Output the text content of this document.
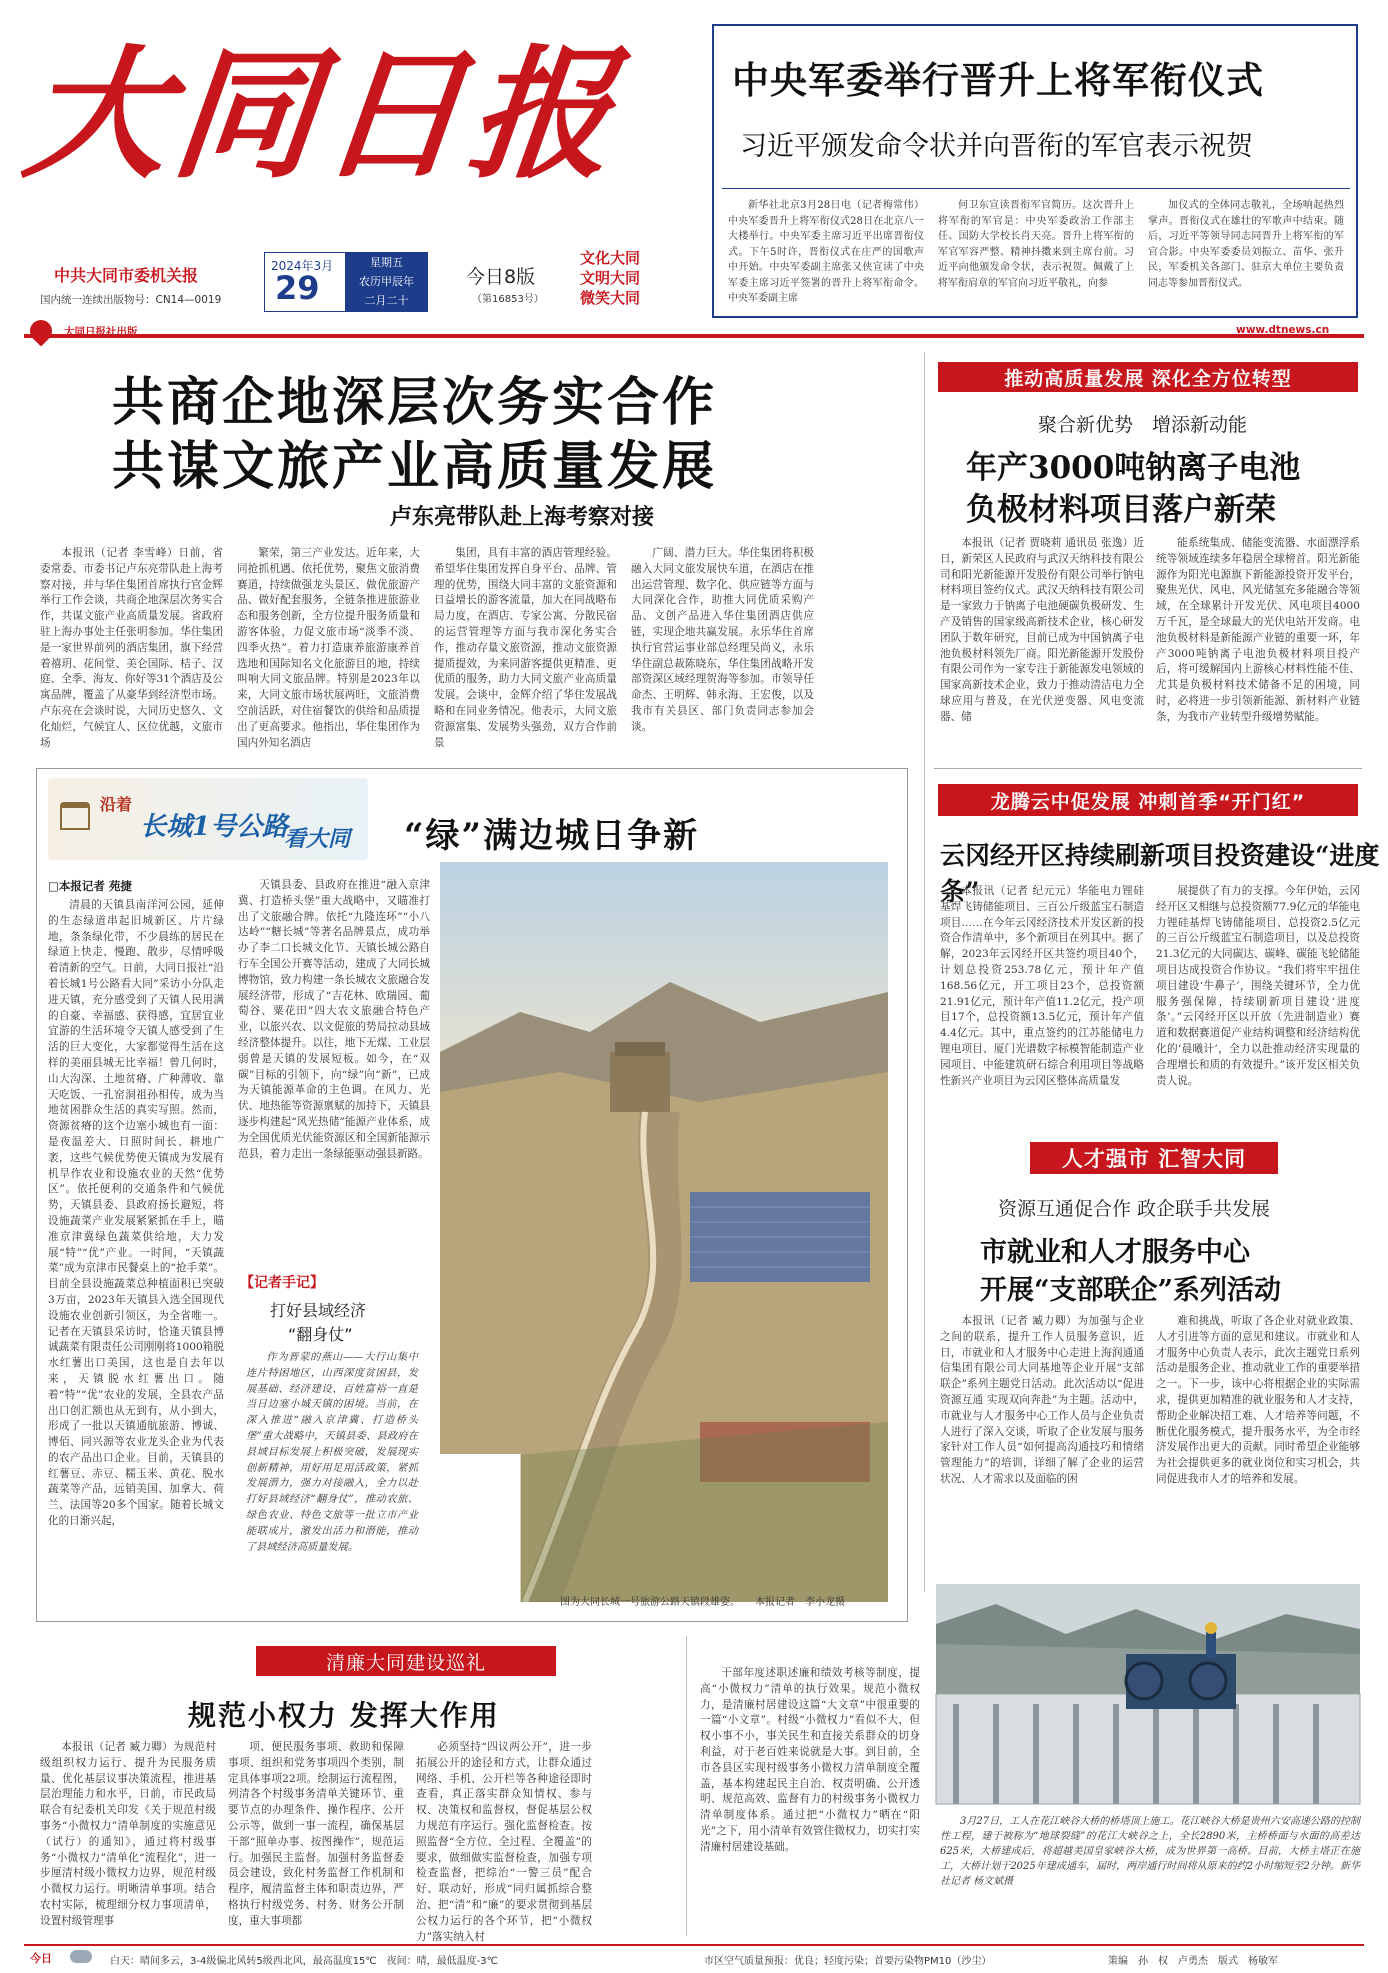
大同日报
中共大同市委机关报
国内统一连续出版物号：CN14—0019
2024年3月
29
星期五
农历甲辰年
二月二十
今日8版
（第16853号）
文化大同
文明大同
微笑大同
大同日报社出版	www.dtnews.cn
中央军委举行晋升上将军衔仪式
习近平颁发命令状并向晋衔的军官表示祝贺

新华社北京3月28日电（记者梅常伟）中央军委晋升上将军衔仪式28日在北京八一大楼举行。中央军委主席习近平出席晋衔仪式。下午5时许，晋衔仪式在庄严的国歌声中开始。中央军委副主席张又侠宣读了中央军委主席习近平签署的晋升上将军衔命令。中央军委副主席

何卫东宣读晋衔军官简历。这次晋升上将军衔的军官是：中央军委政治工作部主任、国防大学校长肖天亮。晋升上将军衔的军官军容严整、精神抖擞来到主席台前。习近平向他颁发命令状，表示祝贺。佩戴了上将军衔肩章的军官向习近平敬礼，向参

加仪式的全体同志敬礼，全场响起热烈掌声。晋衔仪式在雄壮的军歌声中结束。随后，习近平等领导同志同晋升上将军衔的军官合影。中央军委委员刘振立、苗华、张升民，军委机关各部门、驻京大单位主要负责同志等参加晋衔仪式。

共商企地深层次务实合作
共谋文旅产业高质量发展
卢东亮带队赴上海考察对接

本报讯（记者 李雪峰）日前，省委常委、市委书记卢东亮带队赴上海考察对接，并与华住集团首席执行官金辉举行工作会谈，共商企地深层次务实合作，共谋文旅产业高质量发展。省政府驻上海办事处主任张明参加。华住集团是一家世界前列的酒店集团，旗下经营着禧玥、花间堂、美仑国际、桔子、汉庭、全季、海友、你好等31个酒店及公寓品牌，覆盖了从豪华到经济型市场。卢东亮在会谈时说，大同历史悠久、文化灿烂，气候宜人、区位优越，文旅市场

繁荣，第三产业发达。近年来，大同抢抓机遇、依托优势，聚焦文旅消费赛道，持续做强龙头景区、做优旅游产品、做好配套服务，全链条推进旅游业态和服务创新，全方位提升服务质量和游客体验，力促文旅市场“淡季不淡、四季火热”。着力打造康养旅游康养首选地和国际知名文化旅游目的地，持续叫响大同文旅品牌。特别是2023年以来，大同文旅市场状展两旺，文旅消费空前活跃，对住宿餐饮的供给和品质提出了更高要求。他指出，华住集团作为国内外知名酒店

集团，具有丰富的酒店管理经验。希望华住集团发挥自身平台、品牌、管理的优势，围绕大同丰富的文旅资源和日益增长的游客流量，加大在同战略布局力度，在酒店、专家公寓、分散民宿的运营管理等方面与我市深化务实合作，推动存量文旅资源，推动文旅资源提质提效，为来同游客提供更精准、更优质的服务，助力大同文旅产业高质量发展。会谈中，金辉介绍了华住发展战略和在同业务情况。他表示，大同文旅资源富集、发展势头强劲，双方合作前景

广阔、潜力巨大。华住集团将积极融入大同文旅发展快车道，在酒店在推出运营管理、数字化、供应链等方面与大同深化合作，助推大同优质采购产品、文创产品进入华住集团酒店供应链，实现企地共赢发展。永乐华住首席执行官营运事业部总经理吴尚义，永乐华住副总裁陈晓东，华住集团战略开发部资深区域经理贺海等参加。市领导任命杰、王明辉、韩永海、王宏俊，以及我市有关县区、部门负责同志参加会谈。

推动高质量发展 深化全方位转型
聚合新优势　增添新动能
年产3000吨钠离子电池
负极材料项目落户新荣

本报讯（记者 贾晓莉 通讯员 张逸）近日，新荣区人民政府与武汉天纳科技有限公司和阳光新能源开发股份有限公司举行钠电材料项目签约仪式。武汉天纳科技有限公司是一家致力于钠离子电池硬碳负极研发、生产及销售的国家级高新技术企业，核心研发团队于数年研究，目前已成为中国钠离子电池负极材料领先厂商。阳光新能源开发股份有限公司作为一家专注于新能源发电领域的国家高新技术企业，致力于推动清洁电力全球应用与普及，在光伏逆变器、风电变流器、储

能系统集成、储能变流器、水面漂浮系统等领域连续多年稳居全球榜首。阳光新能源作为阳光电源旗下新能源投资开发平台，聚焦光伏、风电、风光储氢充多能融合等领域，在全球累计开发光伏、风电项目4000万千瓦，是全球最大的光伏电站开发商。电池负极材料是新能源产业链的重要一环，年产3000吨钠离子电池负极材料项目投产后，将可缓解国内上游核心材料性能不佳、尤其是负极材料技术储备不足的困境，同时，必将进一步引领新能源、新材料产业链条，为我市产业转型升级增势赋能。

龙腾云中促发展 冲刺首季“开门红”
云冈经开区持续刷新项目投资建设“进度条”

本报讯（记者 纪元元）华能电力锂硅基焊飞铸储能项目、三百公斤级蓝宝石制造项目……在今年云冈经济技术开发区新的投资合作清单中，多个新项目在列其中。据了解，2023年云冈经开区共签约项目40个，计划总投资253.78亿元，预计年产值168.56亿元，开工项目23个，总投资额21.91亿元，预计年产值11.2亿元，投产项目17个，总投资额13.5亿元，预计年产值4.4亿元。其中，重点签约的江苏能储电力锂电项目、厦门光谱数字标模智能制造产业园项目、中能建筑研石综合利用项目等战略性新兴产业项目为云冈区整体高质量发

展提供了有力的支撑。今年伊始，云冈经开区又相继与总投资额77.9亿元的华能电力锂硅基焊飞铸储能项目、总投资2.5亿元的三百公斤级蓝宝石制造项目，以及总投资21.3亿元的大同碳达、碳峰、碳能飞轮储能项目达成投资合作协议。“我们将牢牢扭住项目建设‘牛鼻子’，围绕关键环节，全力优服务强保障，持续刷新项目建设‘进度条’。”云冈经开区以开放（先进制造业）赛道和数据赛道促产业结构调整和经济结构优化的‘晨曦计’，全力以赴推动经济实现量的合理增长和质的有效提升。”该开发区相关负责人说。

人才强市 汇智大同
资源互通促合作 政企联手共发展
市就业和人才服务中心
开展“支部联企”系列活动

本报讯（记者 臧力卿）为加强与企业之间的联系，提升工作人员服务意识，近日，市就业和人才服务中心走进上海润通通信集团有限公司大同基地等企业开展“支部联企”系列主题党日活动。此次活动以“促进资源互通 实现双向奔赴”为主题。活动中，市就业与人才服务中心工作人员与企业负责人进行了深入交谈，听取了企业发展与服务家针对工作人员“如何提高沟通技巧和情绪管理能力”的培训，详细了解了企业的运营状况、人才需求以及面临的困

难和挑战，听取了各企业对就业政策、人才引进等方面的意见和建议。市就业和人才服务中心负责人表示，此次主题党日系列活动是服务企业、推动就业工作的重要举措之一。下一步，该中心将根据企业的实际需求，提供更加精准的就业服务和人才支持，帮助企业解决招工难、人才培养等问题，不断优化服务模式，提升服务水平，为全市经济发展作出更大的贡献。同时希望企业能够为社会提供更多的就业岗位和实习机会，共同促进我市人才的培养和发展。

沿着
长城1号公路
看大同 “绿”满边城日争新
□本报记者 苑捷

清晨的天镇县南洋河公园，延伸的生态绿道串起旧城新区、片片绿地，条条绿化带，不少晨练的居民在绿道上快走、慢跑、散步，尽情呼吸着清新的空气。日前，大同日报社“沿着长城1号公路看大同”采访小分队走进天镇，充分感受到了天镇人民用满的自豪、幸福感、获得感，宜居宜业宜游的生活环境令天镇人感受到了生活的巨大变化，大家都觉得生活在这样的美丽县城无比幸福！曾几何时，山大沟深、土地贫瘠、广种薄收、靠天吃饭、一孔窑洞祖孙相传，成为当地贫困群众生活的真实写照。然而，资源贫瘠的这个边塞小城也有一面：是夜温差大、日照时间长、耕地广袤，这些气候优势使天镇成为发展有机旱作农业和设施农业的天然“优势区”。依托便利的交通条件和气候优势，天镇县委、县政府扬长避短，将设施蔬菜产业发展紧紧抓在手上，瞄准京津冀绿色蔬菜供给地，大力发展“特”“优”产业。一时间，“天镇蔬菜”成为京津市民餐桌上的“抢手菜”。目前全县设施蔬菜总种植面积已突破3万亩，2023年天镇县入选全国现代设施农业创新引领区，为全省唯一。记者在天镇县采访时，恰逢天镇县博诚蔬菜有限责任公司刚刚将1000箱脱水红薯出口美国，这也是自去年以来，天镇脱水红薯出口。随着“特”“优”农业的发展，全县农产品出口创汇额也从无到有，从小到大，形成了一批以天镇通航旅游、博诚、博佰、同兴源等农业龙头企业为代表的农产品出口企业。目前，天镇县的红薯豆、赤豆、糯玉米、黄花、脱水蔬菜等产品，远销美国、加拿大、荷兰、法国等20多个国家。随着长城文化的日渐兴起，

天镇县委、县政府在推进“融入京津冀、打造桥头堡”重大战略中，又瞄准打出了文旅融合牌。依托“九隆连环”“小八达岭”“糖长城”等著名品牌景点，成功举办了李二口长城文化节、天镇长城公路自行车全国公开赛等活动，建成了大同长城博物馆，致力构建一条长城农文旅融合发展经济带，形成了“吉花林、欧瑞园、葡萄谷、粟花田”四大农文旅融合特色产业，以旅兴农、以文促旅的势局拉动县域经济整体提升。以往，地下无煤、工业层弱曾是天镇的发展短板。如今，在“双碳”目标的引领下，向“绿”向“新”，已成为天镇能源革命的主色调。在风力、光伏、地热能等资源禀赋的加持下，天镇县逐步构建起“风光热储”能源产业体系，成为全国优质光伏能资源区和全国新能源示范县，着力走出一条绿能驱动强县新路。

【记者手记】
打好县域经济
“翻身仗”

作为晋蒙的燕山——大行山集中连片特困地区，山西深度贫困县，发展基础、经济建设、百姓富裕一直是当日边塞小城天镇的困境。当前，在深入推进“融入京津冀、打造桥头堡”重大战略中，天镇县委、县政府在县域目标发展上积极突破，发展现实创新精神，用好用足用活政策，紧抓发展潜力，强力对接融入，全力以赴打好县域经济“翻身仗”，推动农旅、绿色农业、特色文旅等一批立市产业能联成片，激发出活力和潜能，推动了县域经济高质量发展。

图为大同长城一号旅游公路天镇段雄姿。　　本报记者　李小龙摄
清廉大同建设巡礼
规范小权力 发挥大作用

本报讯（记者 臧力卿）为规范村级组织权力运行、提升为民服务质量、优化基层议事决策流程，推进基层治理能力和水平，日前，市民政局联合有纪委机关印发《关于规范村级事务“小微权力”清单制度的实施意见（试行）的通知》，通过将村级事务“小微权力”清单化“流程化”，进一步厘清村级小微权力边界，规范村级小微权力运行。明晰清单事项。结合农村实际，梳理细分权力事项清单，设置村级管理事

项、便民服务事项、救助和保障事项、组织和党务事项四个类别，制定具体事项22项。绘制运行流程图，列清各个村级事务清单关键环节、重要节点的办理条件、操作程序、公开公示等，做到一事一流程，确保基层干部“照单办事、按图操作”，规范运行。加强民主监督。加强村务监督委员会建设，致化村务监督工作机制和程序，履清监督主体和职责边界，严格执行村级党务、村务、财务公开制度，重大事项都

必须坚持“四议两公开”，进一步拓展公开的途径和方式，让群众通过网络、手机、公开栏等各种途径即时查看，真正落实群众知情权、参与权、决策权和监督权，督促基层公权力规范有序运行。强化监督检查。按照监督“全方位、全过程、全覆盖”的要求，做细做实监督检查，加强专项检查监督，把综治“一警三员”配合好、联动好，形成“同归属抓综合整治、把“清”和“廉”的要求贯彻到基层公权力运行的各个环节，把“小微权力”落实纳入村

干部年度述职述廉和绩效考核等制度，提高“小微权力”清单的执行效果。规范小微权力，是清廉村居建设这篇“大文章”中很重要的一篇“小文章”。村级“小微权力”看似不大，但权小事不小，事关民生和直接关系群众的切身利益，对于老百姓来说就是大事。到目前，全市各县区实现村级事务小微权力清单制度全覆盖，基本构建起民主自治、权责明确、公开透明、规范高效、监督有力的村级事务小微权力清单制度体系。通过把“小微权力”晒在“阳光”之下，用小清单有效管住微权力，切实打实清廉村居建设基础。

3月27日，工人在花江峡谷大桥的桥塔顶上施工。花江峡谷大桥是贵州六安高速公路的控制性工程，建于被称为“地球裂缝”的花江大峡谷之上，全长2890米，主桥桥面与水面的高差达625米，大桥建成后，将超越美国皇家峡谷大桥，成为世界第一高桥。目前，大桥主塔正在施工，大桥计划于2025年建成通车，届时，两岸通行时间将从原来的约2小时缩短至2分钟。新华社记者 杨文斌摄

今日	白天：晴间多云，3-4级偏北风转5级西北风，最高温度15℃　夜间：晴，最低温度-3℃	市区空气质量预报：优良；轻度污染；首要污染物PM10（沙尘）	策编　孙　权　卢勇杰　版式　杨敏军
